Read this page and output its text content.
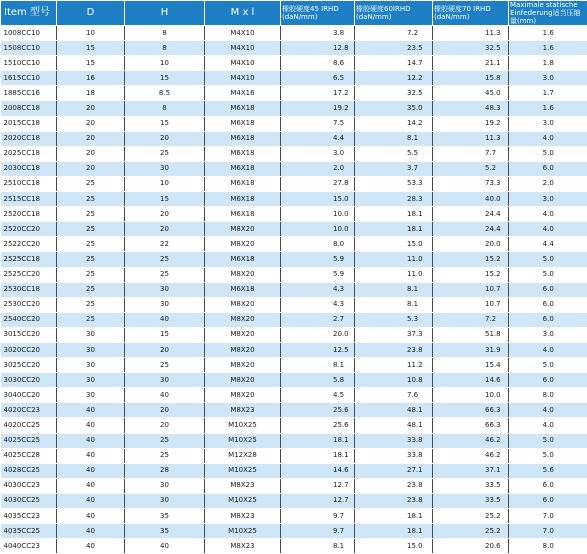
Item 型号	D	H	M x l	橡胶硬度45 IRHD (daN/mm)	橡胶硬度60IRHD (daN/mm)	橡胶硬度70 IRHD (daN/mm)	Maximale statische Einfederung适当压缩量(mm)
1008CC10	10	8	M4X10	3.8	7.2	11.3	1.6
1508CC10	15	8	M4X10	12.8	23.5	32.5	1.6
1510CC10	15	10	M4X10	8.6	14.7	21.1	1.8
1615CC10	16	15	M4X10	6.5	12.2	15.8	3.0
1885CC16	18	8.5	M4X16	17.2	32.5	45.0	1.7
2008CC18	20	8	M6X18	19.2	35.0	48.3	1.6
2015CC18	20	15	M6X18	7.5	14.2	19.2	3.0
2020CC18	20	20	M6X18	4.4	8.1	11.3	4.0
2025CC18	20	25	M6X18	3.0	5.5	7.7	5.0
2030CC18	20	30	M6X18	2.0	3.7	5.2	6.0
2510CC18	25	10	M6X18	27.8	53.3	73.3	2.0
2515CC18	25	15	M6X18	15.0	28.3	40.0	3.0
2520CC18	25	20	M6X18	10.0	18.1	24.4	4.0
2520CC20	25	20	M8X20	10.0	18.1	24.4	4.0
2522CC20	25	22	M8X20	8.0	15.0	20.0	4.4
2525CC18	25	25	M6X18	5.9	11.0	15.2	5.0
2525CC20	25	25	M8X20	5.9	11.0	15.2	5.0
2530CC18	25	30	M6X18	4.3	8.1	10.7	6.0
2530CC20	25	30	M8X20	4.3	8.1	10.7	6.0
2540CC20	25	40	M8X20	2.7	5.3	7.2	6.0
3015CC20	30	15	M8X20	20.0	37.3	51.8	3.0
3020CC20	30	20	M8X20	12.5	23.8	31.9	4.0
3025CC20	30	25	M8X20	8.1	11.2	15.4	5.0
3030CC20	30	30	M8X20	5.8	10.8	14.6	6.0
3040CC20	30	40	M8X20	4.5	7.6	10.0	8.0
4020CC23	40	20	M8X23	25.6	48.1	66.3	4.0
4020CC25	40	20	M10X25	25.6	48.1	66.3	4.0
4025CC25	40	25	M10X25	18.1	33.8	46.2	5.0
4025CC28	40	25	M12X28	18.1	33.8	46.2	5.0
4028CC25	40	28	M10X25	14.6	27.1	37.1	5.6
4030CC23	40	30	M8X23	12.7	23.8	33.5	6.0
4030CC25	40	30	M10X25	12.7	23.8	33.5	6.0
4035CC23	40	35	M8X23	9.7	18.1	25.2	7.0
4035CC25	40	35	M10X25	9.7	18.1	25.2	7.0
4040CC23	40	40	M8X23	8.1	15.0	20.6	8.0
